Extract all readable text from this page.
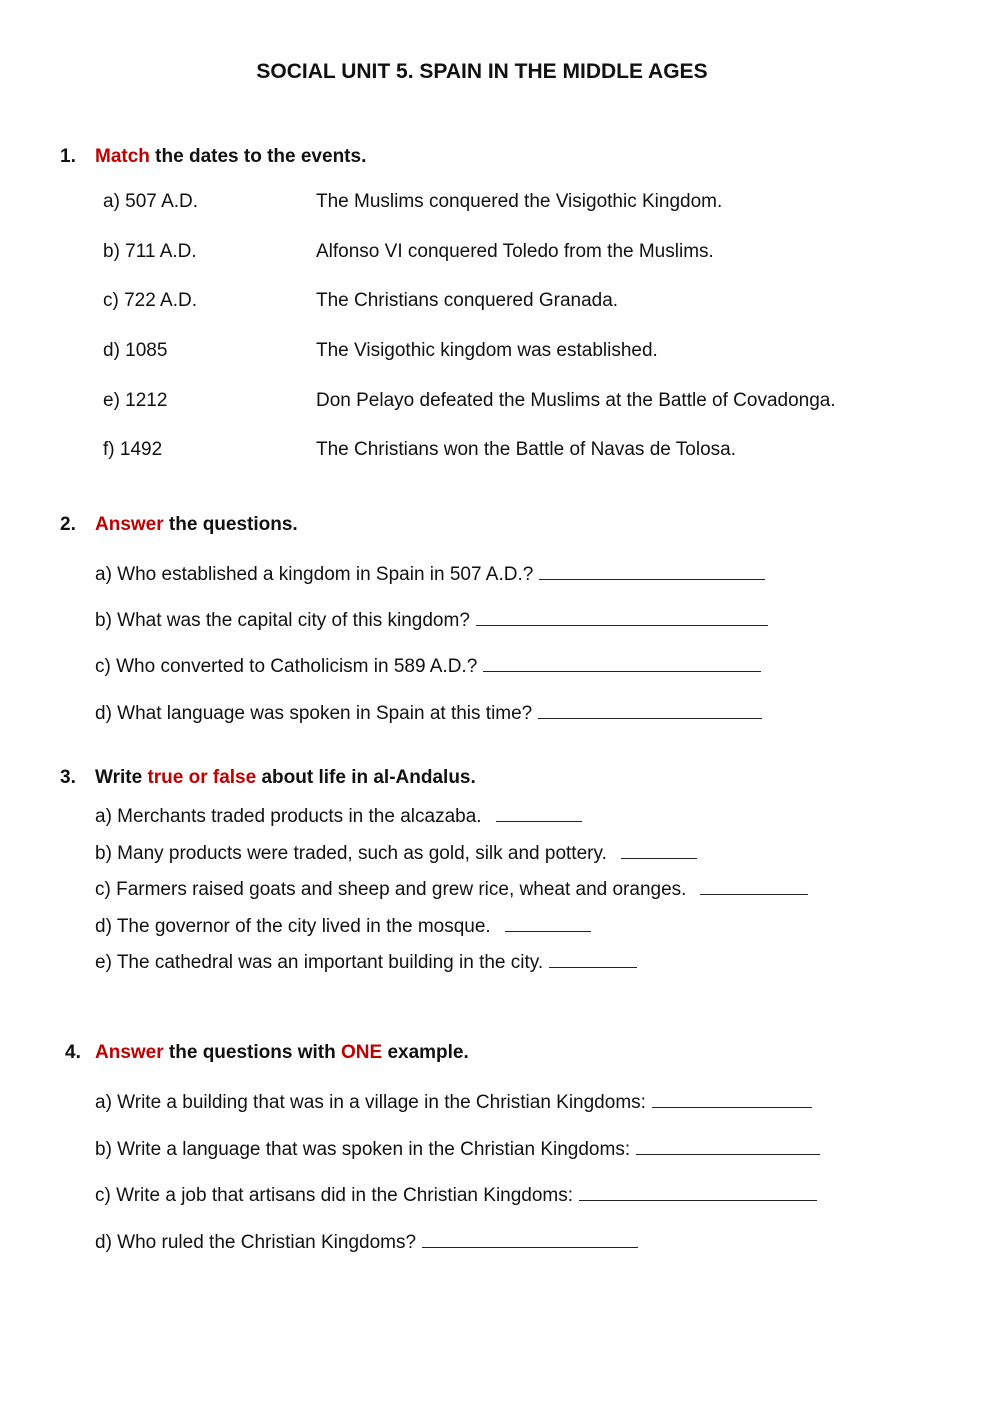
SOCIAL UNIT 5. SPAIN IN THE MIDDLE AGES
1. Match the dates to the events.
a) 507 A.D.	The Muslims conquered the Visigothic Kingdom.
b) 711 A.D.	Alfonso VI conquered Toledo from the Muslims.
c) 722 A.D.	The Christians conquered Granada.
d) 1085	The Visigothic kingdom was established.
e) 1212	Don Pelayo defeated the Muslims at the Battle of Covadonga.
f) 1492	The Christians won the Battle of Navas de Tolosa.
2. Answer the questions.
a) Who established a kingdom in Spain in 507 A.D.?
b) What was the capital city of this kingdom?
c) Who converted to Catholicism in 589 A.D.?
d) What language was spoken in Spain at this time?
3. Write true or false about life in al-Andalus.
a) Merchants traded products in the alcazaba.
b) Many products were traded, such as gold, silk and pottery.
c) Farmers raised goats and sheep and grew rice, wheat and oranges.
d) The governor of the city lived in the mosque.
e) The cathedral was an important building in the city.
4. Answer the questions with ONE example.
a) Write a building that was in a village in the Christian Kingdoms:
b) Write a language that was spoken in the Christian Kingdoms:
c) Write a job that artisans did in the Christian Kingdoms:
d) Who ruled the Christian Kingdoms?
